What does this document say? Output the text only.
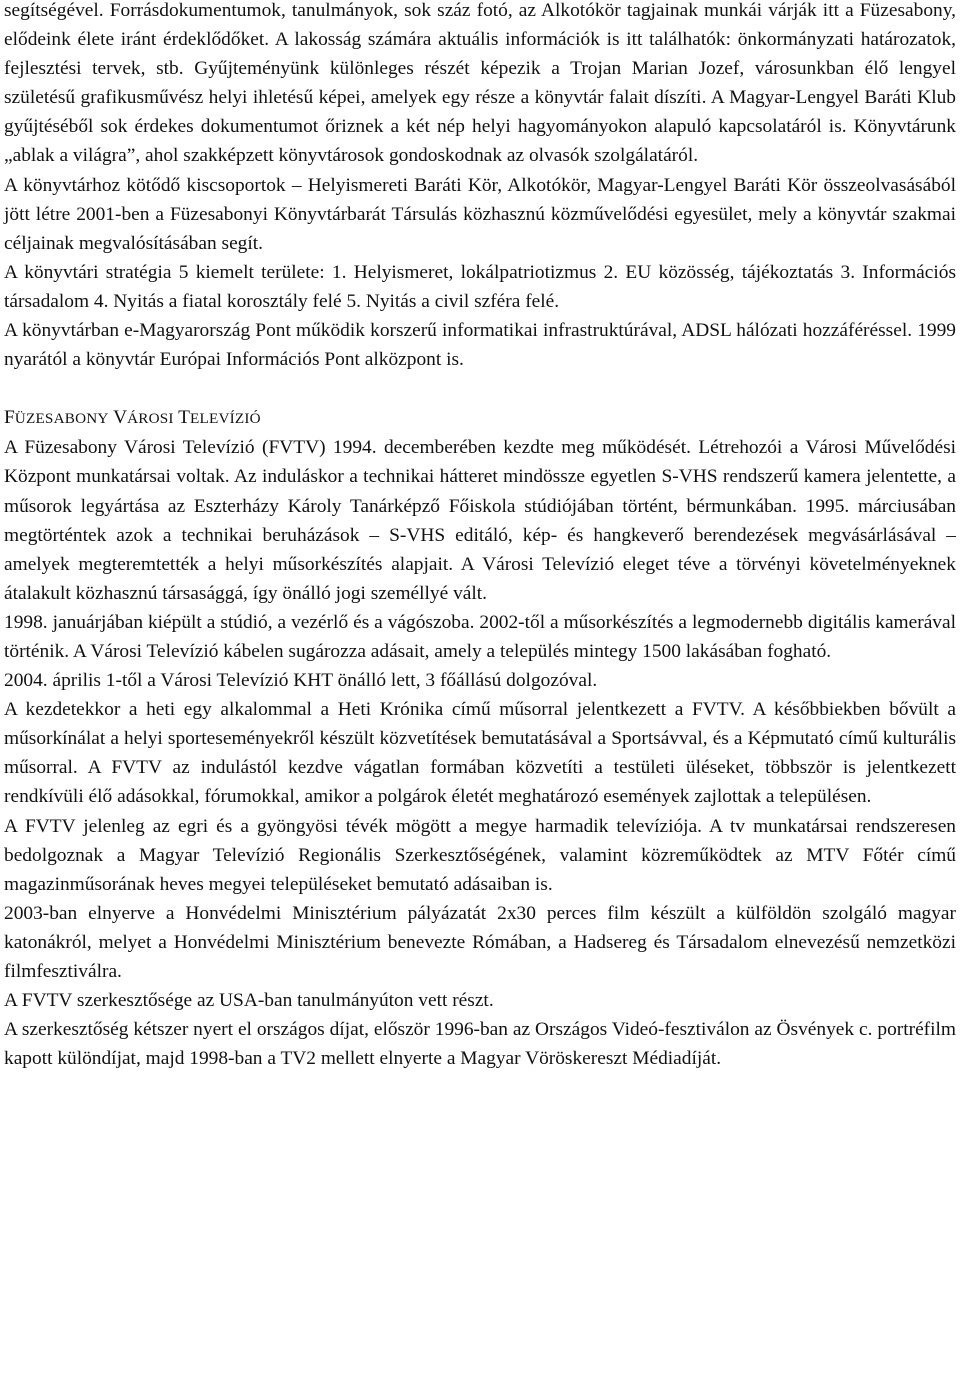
segítségével. Forrásdokumentumok, tanulmányok, sok száz fotó, az Alkotókör tagjainak munkái várják itt a Füzesabony, elődeink élete iránt érdeklődőket. A lakosság számára aktuális információk is itt találhatók: önkormányzati határozatok, fejlesztési tervek, stb. Gyűjteményünk különleges részét képezik a Trojan Marian Jozef, városunkban élő lengyel születésű grafikusművész helyi ihletésű képei, amelyek egy része a könyvtár falait díszíti. A Magyar-Lengyel Baráti Klub gyűjtéséből sok érdekes dokumentumot őriznek a két nép helyi hagyományokon alapuló kapcsolatáról is. Könyvtárunk „ablak a világra”, ahol szakképzett könyvtárosok gondoskodnak az olvasók szolgálatáról.

A könyvtárhoz kötődő kiscsoportok – Helyismereti Baráti Kör, Alkotókör, Magyar-Lengyel Baráti Kör összeolvasásából jött létre 2001-ben a Füzesabonyi Könyvtárbarát Társulás közhasznú közművelődési egyesület, mely a könyvtár szakmai céljainak megvalósításában segít.

A könyvtári stratégia 5 kiemelt területe: 1. Helyismeret, lokálpatriotizmus 2. EU közösség, tájékoztatás 3. Információs társadalom 4. Nyitás a fiatal korosztály felé 5. Nyitás a civil szféra felé.

A könyvtárban e-Magyarország Pont működik korszerű informatikai infrastruktúrával, ADSL hálózati hozzáféréssel. 1999 nyarától a könyvtár Európai Információs Pont alközpont is.

FÜZESABONY VÁROSI TELEVÍZIÓ

A Füzesabony Városi Televízió (FVTV) 1994. decemberében kezdte meg működését. Létrehozói a Városi Művelődési Központ munkatársai voltak. Az induláskor a technikai hátteret mindössze egyetlen S-VHS rendszerű kamera jelentette, a műsorok legyártása az Eszterházy Károly Tanárképző Főiskola stúdiójában történt, bérmunkában. 1995. márciusában megtörténtek azok a technikai beruházások – S-VHS editáló, kép- és hangkeverő berendezések megvásárlásával – amelyek megteremtették a helyi műsorkészítés alapjait. A Városi Televízió eleget téve a törvényi követelményeknek átalakult közhasznú társasággá, így önálló jogi személlyé vált.

1998. januárjában kiépült a stúdió, a vezérlő és a vágószoba. 2002-től a műsorkészítés a legmodernebb digitális kamerával történik. A Városi Televízió kábelen sugározza adásait, amely a település mintegy 1500 lakásában fogható.

2004. április 1-től a Városi Televízió KHT önálló lett, 3 főállású dolgozóval.

A kezdetekkor a heti egy alkalommal a Heti Krónika című műsorral jelentkezett a FVTV. A későbbiekben bővült a műsorkínálat a helyi sporteseményekről készült közvetítések bemutatásával a Sportsávval, és a Képmutató című kulturális műsorral. A FVTV az indulástól kezdve vágatlan formában közvetíti a testületi üléseket, többször is jelentkezett rendkívüli élő adásokkal, fórumokkal, amikor a polgárok életét meghatározó események zajlottak a településen.

A FVTV jelenleg az egri és a gyöngyösi tévék mögött a megye harmadik televíziója. A tv munkatársai rendszeresen bedolgoznak a Magyar Televízió Regionális Szerkesztőségének, valamint közreműködtek az MTV Főtér című magazinműsorának heves megyei településeket bemutató adásaiban is.

2003-ban elnyerve a Honvédelmi Minisztérium pályázatát 2x30 perces film készült a külföldön szolgáló magyar katonákról, melyet a Honvédelmi Minisztérium benevezte Rómában, a Hadsereg és Társadalom elnevezésű nemzetközi filmfesztiválra.

A FVTV szerkesztősége az USA-ban tanulmányúton vett részt.

A szerkesztőség kétszer nyert el országos díjat, először 1996-ban az Országos Videó-fesztiválon az Ösvények c. portréfilm kapott különdíjat, majd 1998-ban a TV2 mellett elnyerte a Magyar Vöröskereszt Médiadíját.
